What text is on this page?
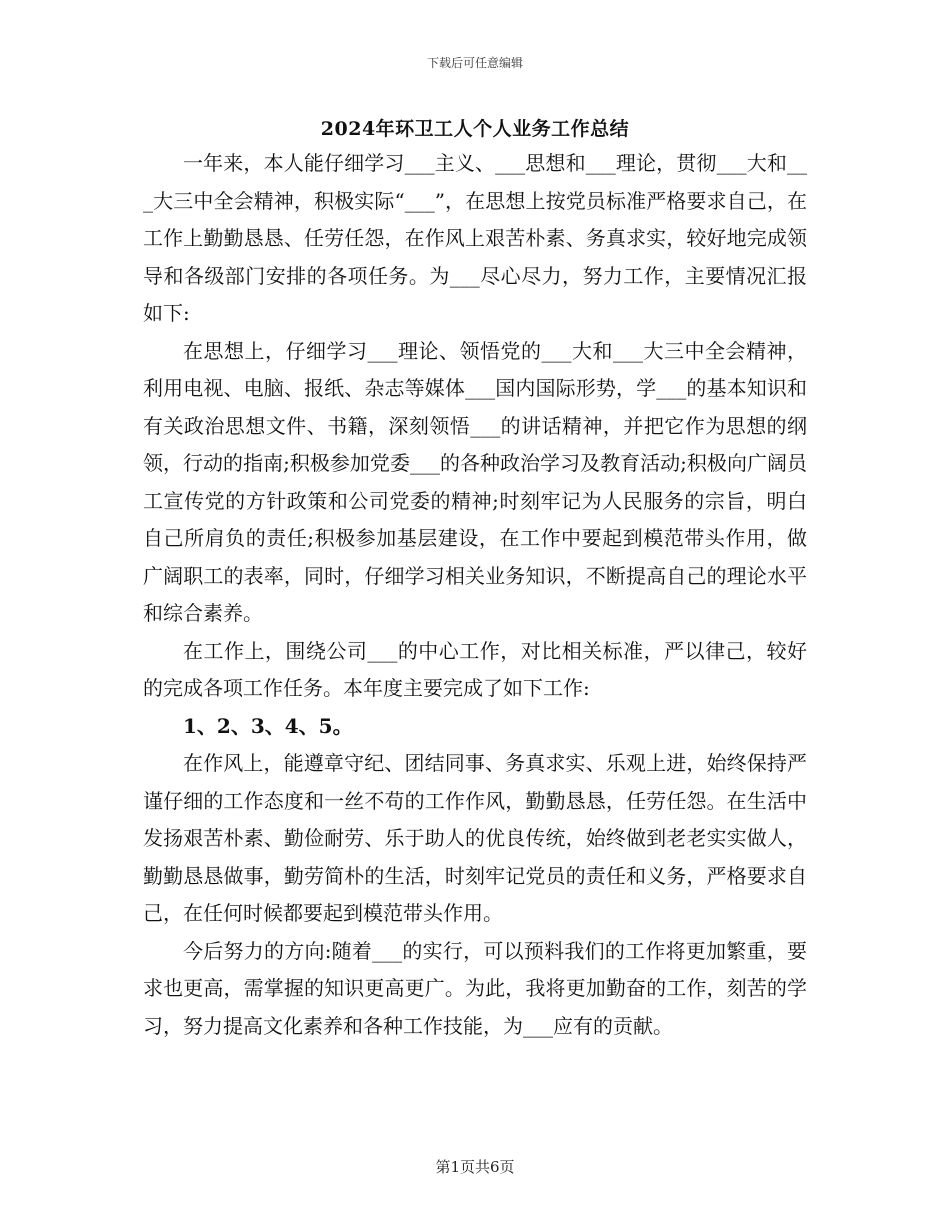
下载后可任意编辑
2024年环卫工人个人业务工作总结

一年来，本人能仔细学习___主义、___思想和___理论，贯彻___大和___大三中全会精神，积极实际“___”，在思想上按党员标准严格要求自己，在工作上勤勤恳恳、任劳任怨，在作风上艰苦朴素、务真求实，较好地完成领导和各级部门安排的各项任务。为___尽心尽力，努力工作，主要情况汇报如下:

在思想上，仔细学习___理论、领悟党的___大和___大三中全会精神，利用电视、电脑、报纸、杂志等媒体___国内国际形势，学___的基本知识和有关政治思想文件、书籍，深刻领悟___的讲话精神，并把它作为思想的纲领，行动的指南;积极参加党委___的各种政治学习及教育活动;积极向广阔员工宣传党的方针政策和公司党委的精神;时刻牢记为人民服务的宗旨，明白自己所肩负的责任;积极参加基层建设，在工作中要起到模范带头作用，做广阔职工的表率，同时，仔细学习相关业务知识，不断提高自己的理论水平和综合素养。

在工作上，围绕公司___的中心工作，对比相关标准，严以律己，较好的完成各项工作任务。本年度主要完成了如下工作:

1、2、3、4、5。

在作风上，能遵章守纪、团结同事、务真求实、乐观上进，始终保持严谨仔细的工作态度和一丝不苟的工作作风，勤勤恳恳，任劳任怨。在生活中发扬艰苦朴素、勤俭耐劳、乐于助人的优良传统，始终做到老老实实做人，勤勤恳恳做事，勤劳简朴的生活，时刻牢记党员的责任和义务，严格要求自己，在任何时候都要起到模范带头作用。

今后努力的方向:随着___的实行，可以预料我们的工作将更加繁重，要求也更高，需掌握的知识更高更广。为此，我将更加勤奋的工作，刻苦的学习，努力提高文化素养和各种工作技能，为___应有的贡献。

第1页共6页
